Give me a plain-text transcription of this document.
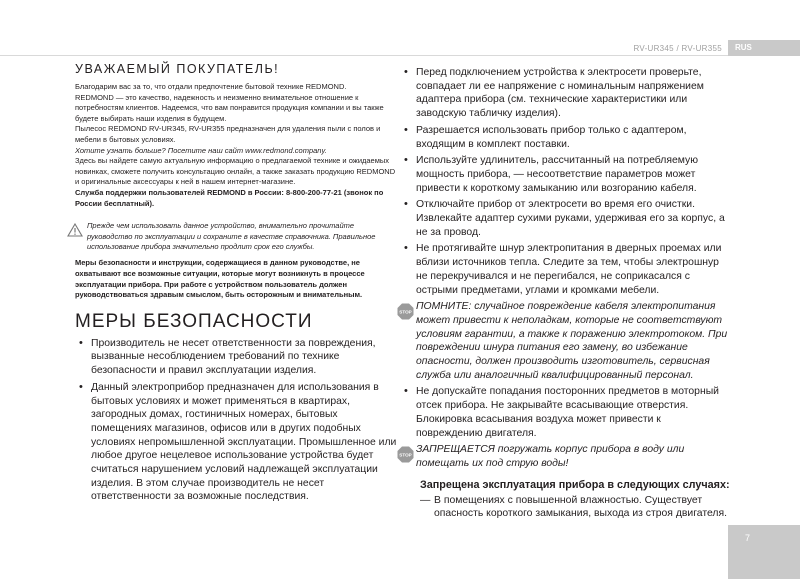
RV-UR345 / RV-UR355 RUS
7
УВАЖАЕМЫЙ ПОКУПАТЕЛЬ!

Благодарим вас за то, что отдали предпочтение бытовой технике REDMOND.

REDMOND — это качество, надежность и неизменно внимательное отношение к потребностям клиентов. Надеемся, что вам понравится продукция компании и вы также будете выбирать наши изделия в будущем.

Пылесос REDMOND RV-UR345, RV-UR355 предназначен для удаления пыли с полов и мебели в бытовых условиях.

Хотите узнать больше? Посетите наш сайт www.redmond.company.

Здесь вы найдете самую актуальную информацию о предлагаемой технике и ожидаемых новинках, сможете получить консультацию онлайн, а также заказать продукцию REDMOND и оригинальные аксессуары к ней в нашем интернет-магазине.

Служба поддержки пользователей REDMOND в России: 8-800-200-77-21 (звонок по России бесплатный).

Прежде чем использовать данное устройство, внимательно прочитайте руководство по эксплуатации и сохраните в качестве справочника. Правильное использование прибора значительно продлит срок его службы.

Меры безопасности и инструкции, содержащиеся в данном руководстве, не охватывают все возможные ситуации, которые могут возникнуть в процессе эксплуатации прибора. При работе с устройством пользователь должен руководствоваться здравым смыслом, быть осторожным и внимательным.

МЕРЫ БЕЗОПАСНОСТИ
• Производитель не несет ответственности за повреждения, вызванные несоблюдением требований по технике безопасности и правил эксплуатации изделия.
• Данный электроприбор предназначен для использования в бытовых условиях и может применяться в квартирах, загородных домах, гостиничных номерах, бытовых помещениях магазинов, офисов или в других подобных условиях непромышленной эксплуатации. Промышленное или любое другое нецелевое использование устройства будет считаться нарушением условий надлежащей эксплуатации изделия. В этом случае производитель не несет ответственности за возможные последствия.
• Перед подключением устройства к электросети проверьте, совпадает ли ее напряжение с номинальным напряжением адаптера прибора (см. технические характеристики или заводскую табличку изделия).
• Разрешается использовать прибор только с адаптером, входящим в комплект поставки.
• Используйте удлинитель, рассчитанный на потребляемую мощность прибора, — несоответствие параметров может привести к короткому замыканию или возгоранию кабеля.
• Отключайте прибор от электросети во время его очистки. Извлекайте адаптер сухими руками, удерживая его за корпус, а не за провод.
• Не протягивайте шнур электропитания в дверных проемах или вблизи источников тепла. Следите за тем, чтобы электрошнур не перекручивался и не перегибался, не соприкасался с острыми предметами, углами и кромками мебели.
STOP
ПОМНИТЕ: случайное повреждение кабеля электропитания может привести к неполадкам, которые не соответствуют условиям гарантии, а также к поражению электротоком. При повреждении шнура питания его замену, во избежание опасности, должен производить изготовитель, сервисная служба или аналогичный квалифицированный персонал.
• Не допускайте попадания посторонних предметов в моторный отсек прибора. Не закрывайте всасывающие отверстия. Блокировка всасывания воздуха может привести к повреждению двигателя.
STOP
ЗАПРЕЩАЕТСЯ погружать корпус прибора в воду или помещать их под струю воды!
Запрещена эксплуатация прибора в следующих случаях:
— В помещениях с повышенной влажностью. Существует опасность короткого замыкания, выхода из строя двигателя.
